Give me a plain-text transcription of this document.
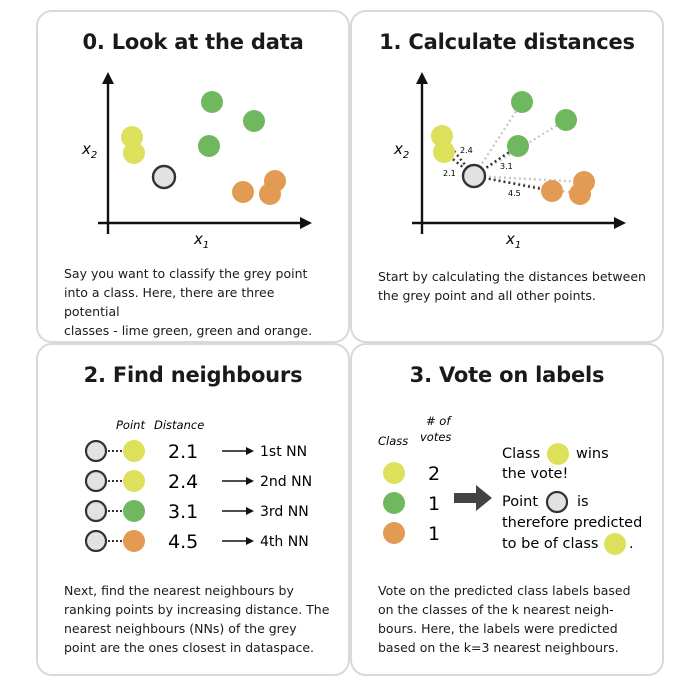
0. Look at the data
$x_2$
$x_1$
Say you want to classify the grey point
into a class. Here, there are three potential
classes - lime green, green and orange.
1. Calculate distances
$x_2$
$x_1$
2.4
2.1
3.1
4.5
Start by calculating the distances between
the grey point and all other points.
2. Find neighbours
Point Distance
2.1	1st NN
2.4	2nd NN
3.1	3rd NN
4.5	4th NN
Next, find the nearest neighbours by
ranking points by increasing distance. The
nearest neighbours (NNs) of the grey
point are the ones closest in dataspace.
3. Vote on labels
Class
# of
votes
2
1
1
Class wins
the vote!
Point	is
therefore predicted
to be of class .
Vote on the predicted class labels based
on the classes of the k nearest neigh-
bours. Here, the labels were predicted
based on the k=3 nearest neighbours.
